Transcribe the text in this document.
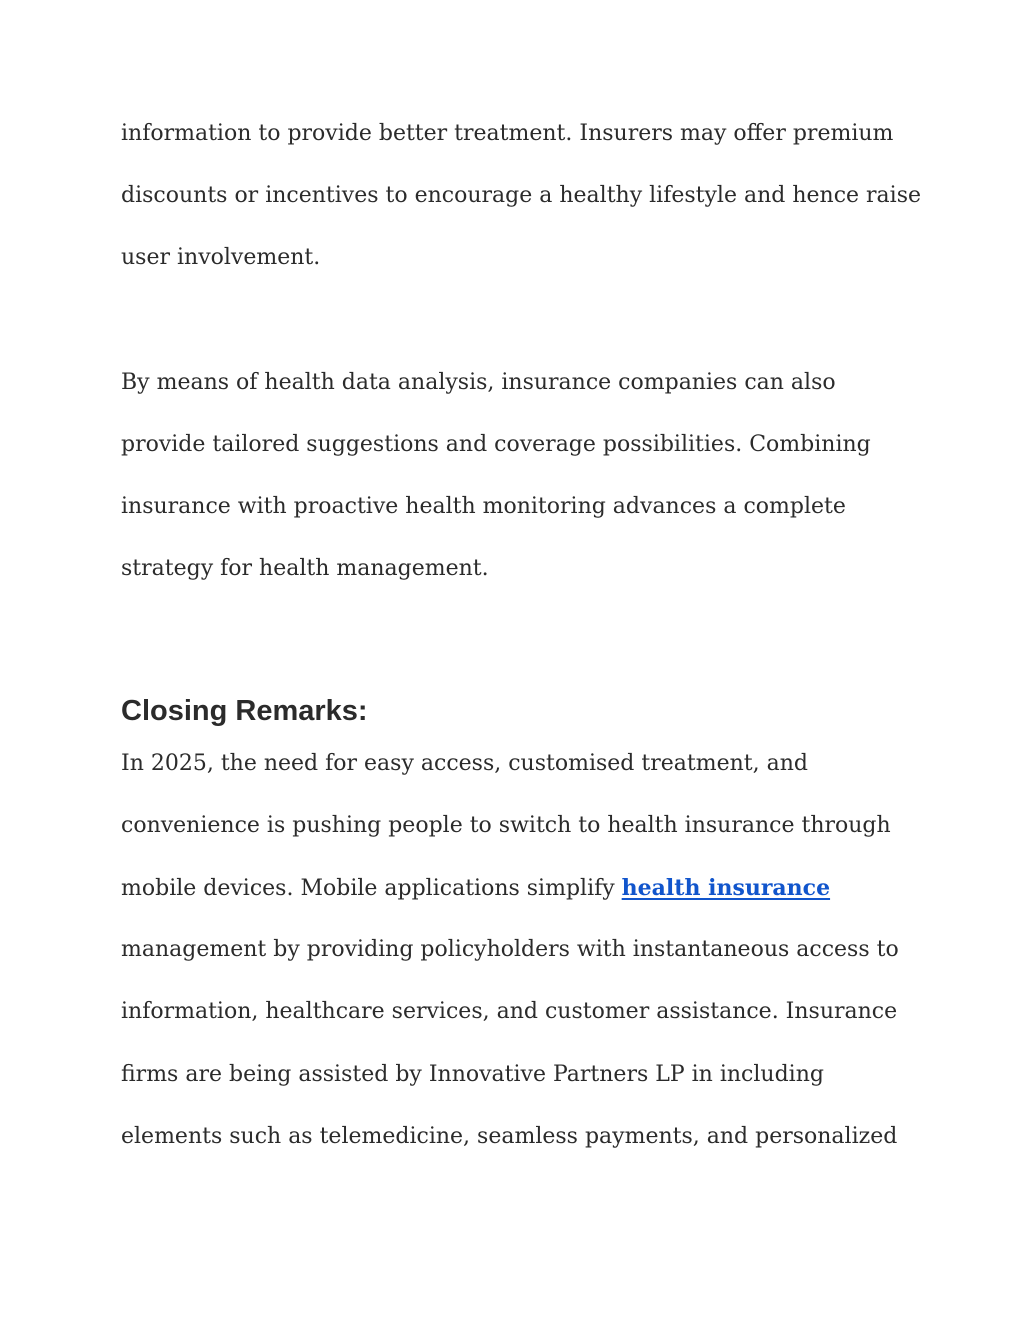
information to provide better treatment. Insurers may offer premium

discounts or incentives to encourage a healthy lifestyle and hence raise

user involvement.

By means of health data analysis, insurance companies can also

provide tailored suggestions and coverage possibilities. Combining

insurance with proactive health monitoring advances a complete

strategy for health management.

Closing Remarks:

In 2025, the need for easy access, customised treatment, and

convenience is pushing people to switch to health insurance through

mobile devices. Mobile applications simplify health insurance

management by providing policyholders with instantaneous access to

information, healthcare services, and customer assistance. Insurance

firms are being assisted by Innovative Partners LP in including

elements such as telemedicine, seamless payments, and personalized
